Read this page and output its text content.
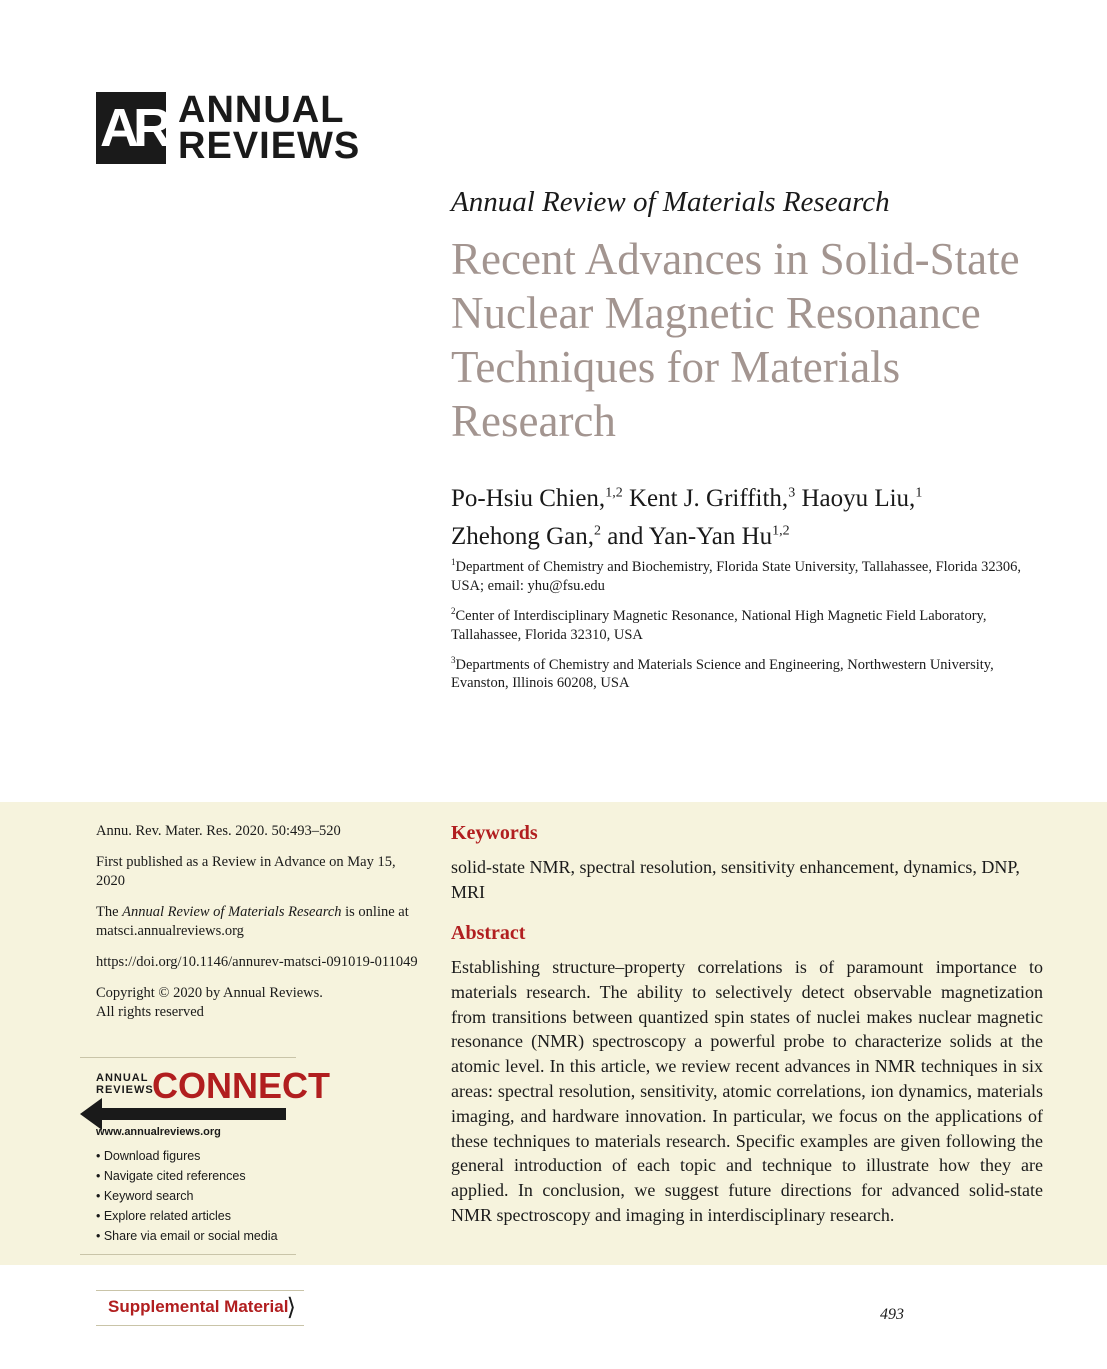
AR ANNUAL
REVIEWS
Annual Review of Materials Research
Recent Advances in Solid-State Nuclear Magnetic Resonance Techniques for Materials Research
Po-Hsiu Chien,$^{1,2}$ Kent J. Griffith,$^3$ Haoyu Liu,$^1$
Zhehong Gan,$^2$ and Yan-Yan Hu$^{1,2}$

$^1$Department of Chemistry and Biochemistry, Florida State University, Tallahassee, Florida 32306, USA; email: yhu@fsu.edu

$^2$Center of Interdisciplinary Magnetic Resonance, National High Magnetic Field Laboratory, Tallahassee, Florida 32310, USA

$^3$Departments of Chemistry and Materials Science and Engineering, Northwestern University, Evanston, Illinois 60208, USA

Annu. Rev. Mater. Res. 2020. 50:493–520

First published as a Review in Advance on May 15, 2020

The Annual Review of Materials Research is online at matsci.annualreviews.org

https://doi.org/10.1146/annurev-matsci-091019-011049

Copyright © 2020 by Annual Reviews.
All rights reserved

ANNUAL
REVIEWS
CONNECT
www.annualreviews.org
• Download figures
• Navigate cited references
• Keyword search
• Explore related articles
• Share via email or social media
Keywords
solid-state NMR, spectral resolution, sensitivity enhancement, dynamics, DNP, MRI
Abstract
Establishing structure–property correlations is of paramount importance to materials research. The ability to selectively detect observable magnetization from transitions between quantized spin states of nuclei makes nuclear magnetic resonance (NMR) spectroscopy a powerful probe to characterize solids at the atomic level. In this article, we review recent advances in NMR techniques in six areas: spectral resolution, sensitivity, atomic correlations, ion dynamics, materials imaging, and hardware innovation. In particular, we focus on the applications of these techniques to materials research. Specific examples are given following the general introduction of each topic and technique to illustrate how they are applied. In conclusion, we suggest future directions for advanced solid-state NMR spectroscopy and imaging in interdisciplinary research.
Supplemental Material
⟩	493
